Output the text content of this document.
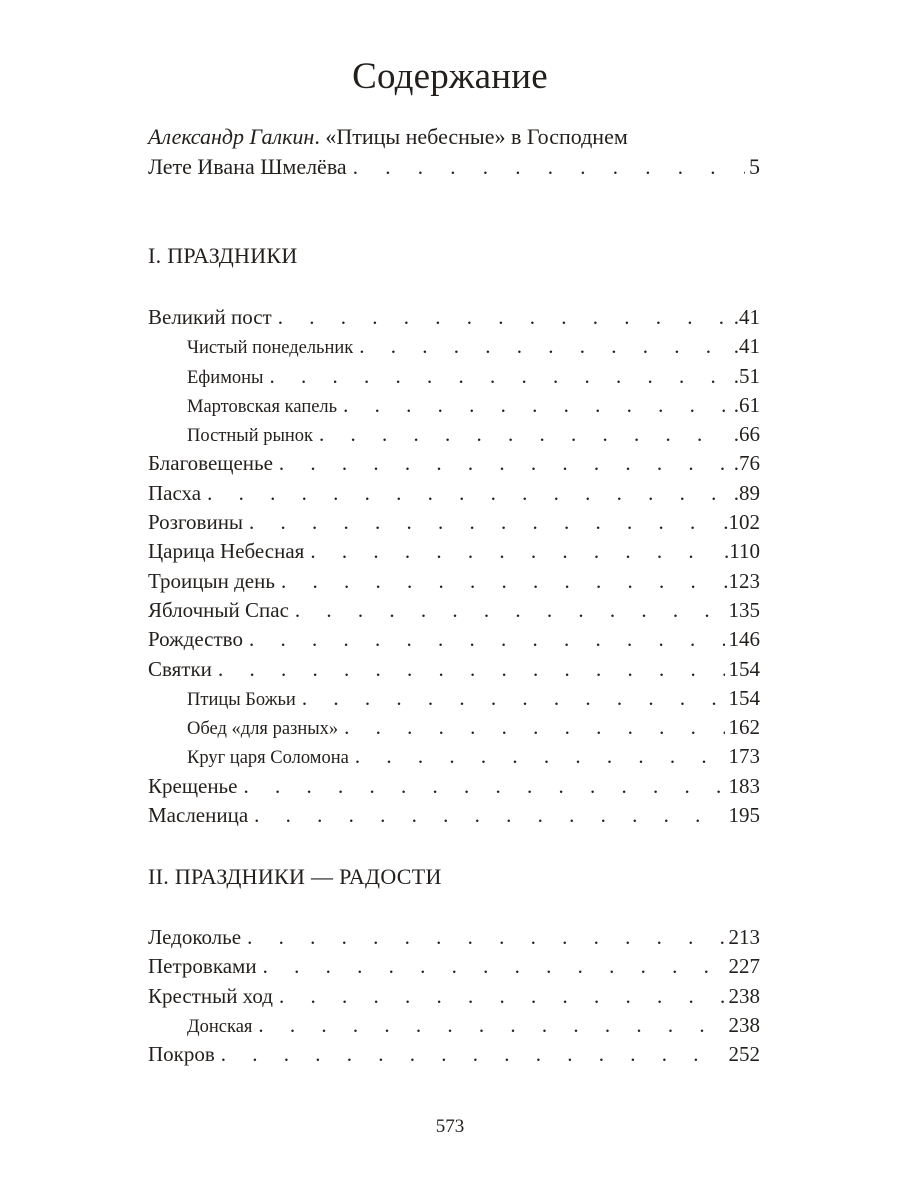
Содержание
Александр Галкин. «Птицы небесные» в Господнем
Лете Ивана Шмелёва . . .	5
I. ПРАЗДНИКИ
Великий пост . . .	.41
Чистый понедельник . . .	.41
Ефимоны . . .	.51
Мартовская капель . . .	.61
Постный рынок . . .	.66
Благовещенье . . .	.76
Пасха . . .	.89
Розговины . . .	.102
Царица Небесная . . .	.110
Троицын день . . .	.123
Яблочный Спас . . .	135
Рождество . . .	146
Святки . . .	154
Птицы Божьи . . .	154
Обед «для разных» . . .	162
Круг царя Соломона . . .	173
Крещенье . . .	183
Масленица . . .	195
II. ПРАЗДНИКИ — РАДОСТИ
Ледоколье . . .	213
Петровками . . .	227
Крестный ход . . .	238
Донская . . .	238
Покров . . .	252
573
